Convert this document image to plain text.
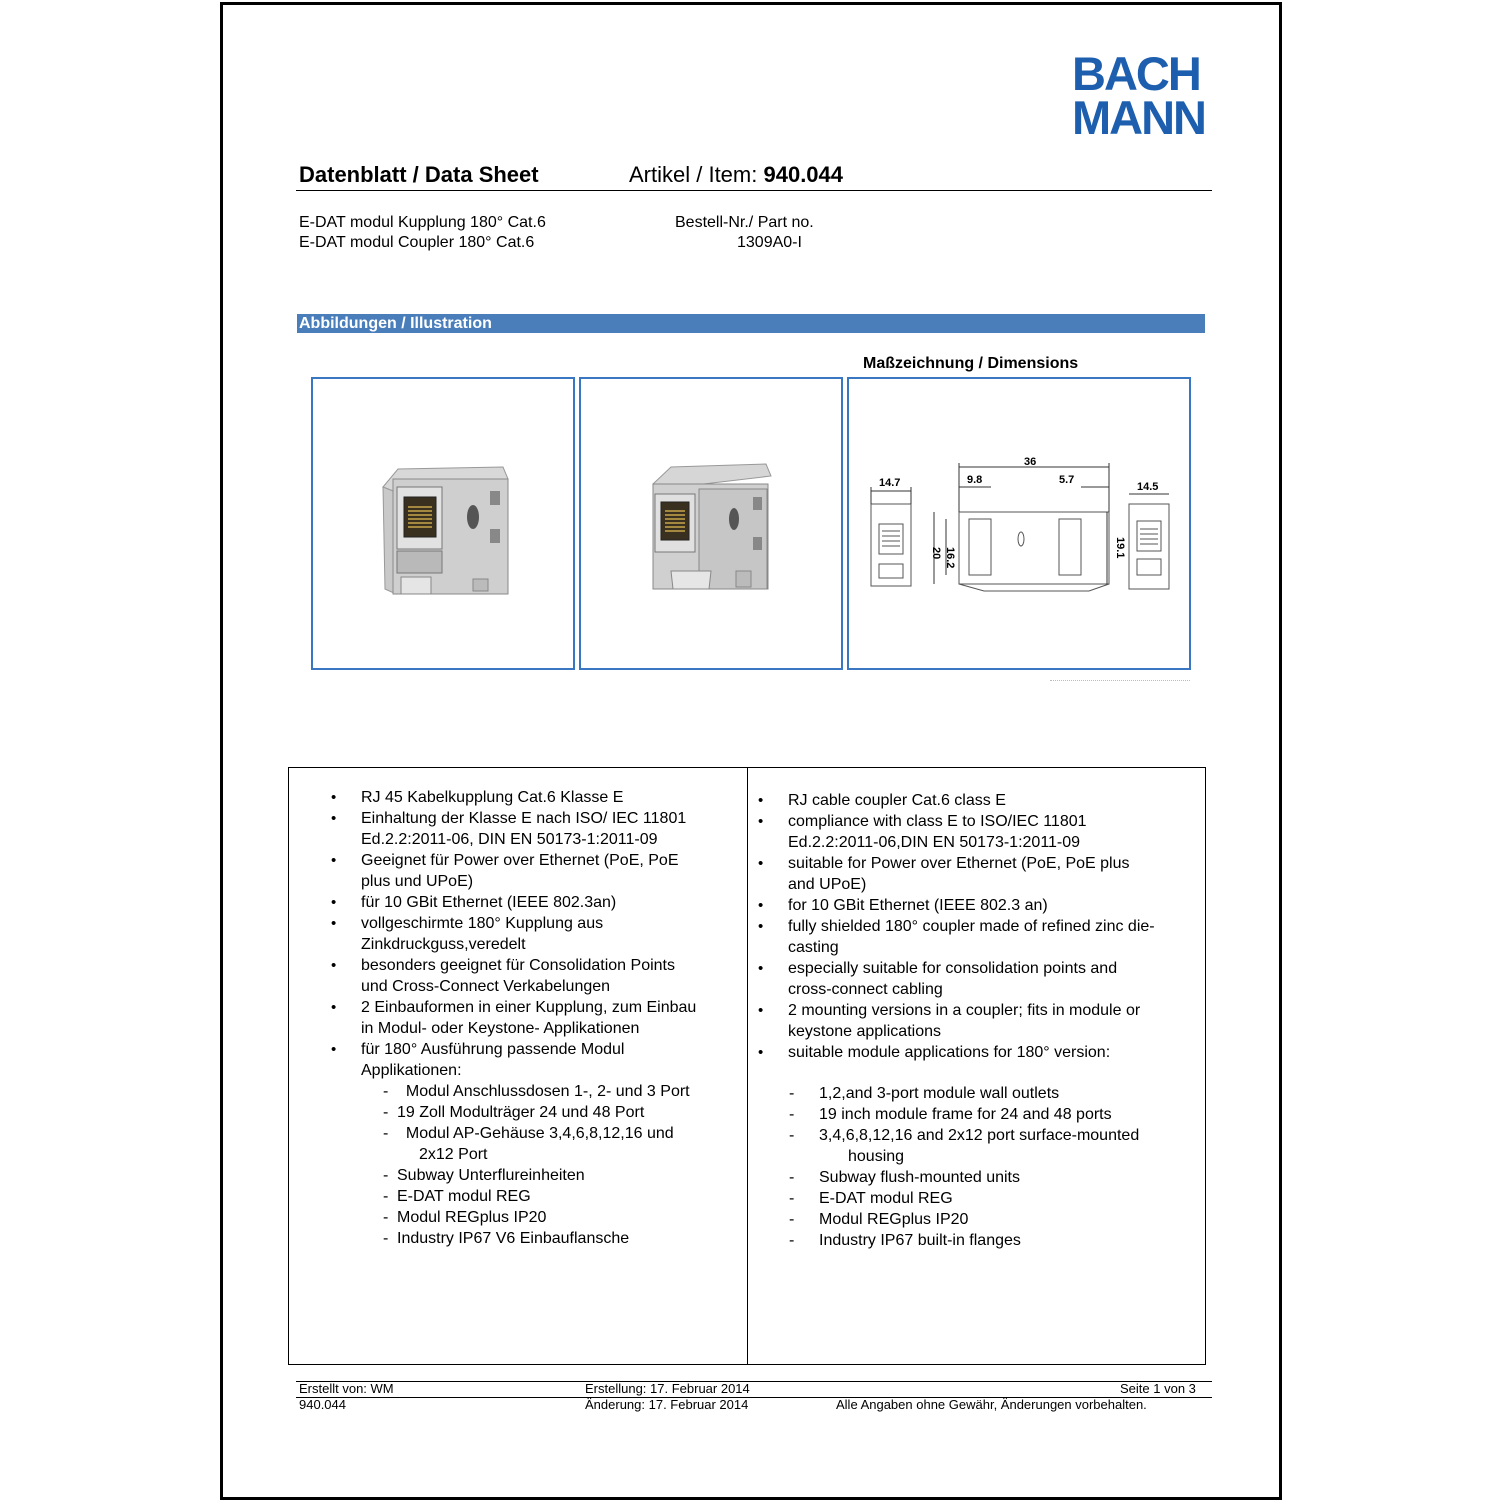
BACH
MANN
Datenblatt / Data Sheet	Artikel / Item: 940.044
E-DAT modul Kupplung 180° Cat.6
E-DAT modul Coupler 180° Cat.6
Bestell-Nr./ Part no.
1309A0-I
Abbildungen / Illustration
Maßzeichnung / Dimensions
14.7
36
9.8	5.7
16.2
20	19.1
14.5
• RJ 45 Kabelkupplung Cat.6 Klasse E
• Einhaltung der Klasse E nach ISO/ IEC 11801
Ed.2.2:2011-06, DIN EN 50173-1:2011-09
• Geeignet für Power over Ethernet (PoE, PoE
plus und UPoE)
• für 10 GBit Ethernet (IEEE 802.3an)
• vollgeschirmte 180° Kupplung aus
Zinkdruckguss,veredelt
• besonders geeignet für Consolidation Points
und Cross-Connect Verkabelungen
• 2 Einbauformen in einer Kupplung, zum Einbau
in Modul- oder Keystone- Applikationen
• für 180° Ausführung passende Modul
Applikationen:
-   Modul Anschlussdosen 1-, 2- und 3 Port
- 19 Zoll Modulträger 24 und 48 Port
-   Modul AP-Gehäuse 3,4,6,8,12,16 und
2x12 Port
- Subway Unterflureinheiten
- E-DAT modul REG
- Modul REGplus IP20
- Industry IP67 V6 Einbauflansche
• RJ cable coupler Cat.6 class E
• compliance with class E to ISO/IEC 11801
Ed.2.2:2011-06,DIN EN 50173-1:2011-09
• suitable for Power over Ethernet (PoE, PoE plus
and UPoE)
• for 10 GBit Ethernet (IEEE 802.3 an)
• fully shielded 180° coupler made of refined zinc die-
casting
• especially suitable for consolidation points and
cross-connect cabling
• 2 mounting versions in a coupler; fits in module or
keystone applications
• suitable module applications for 180° version:
- 1,2,and 3-port module wall outlets
- 19 inch module frame for 24 and 48 ports
- 3,4,6,8,12,16 and 2x12 port surface-mounted
housing
- Subway flush-mounted units
- E-DAT modul REG
- Modul REGplus IP20
- Industry IP67 built-in flanges
Erstellt von: WM	Erstellung: 17. Februar 2014	Seite 1 von 3
940.044	Änderung: 17. Februar 2014	Alle Angaben ohne Gewähr, Änderungen vorbehalten.
